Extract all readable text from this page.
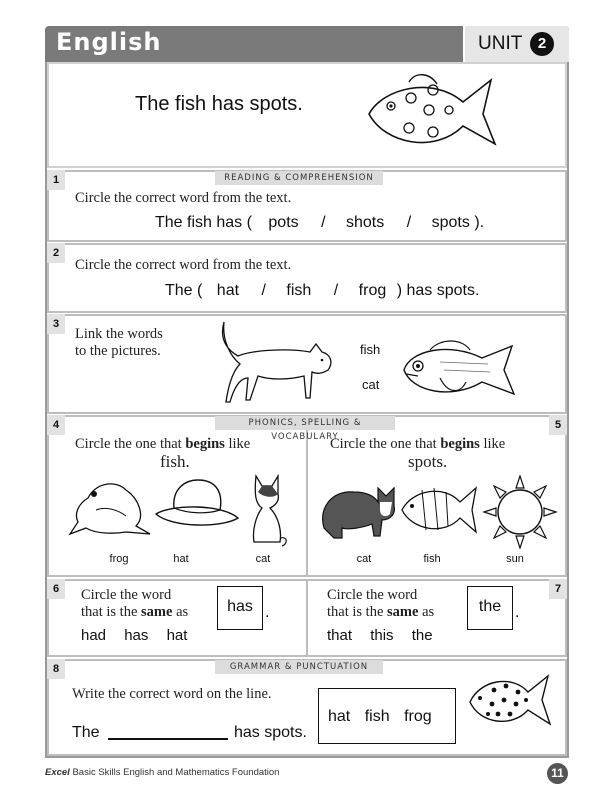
English	UNIT	2
The fish has spots.
1	READING & COMPREHENSION
Circle the correct word from the text.
The fish has ( pots / shots / spots ).
2
Circle the correct word from the text.
The ( hat / fish / frog ) has spots.
3
Link the words
to the pictures.	fish
cat
4	5
PHONICS, SPELLING & VOCABULARY
Circle the one that begins like
fish.
frog	hat	cat
Circle the one that begins like
spots.
cat	fish	sun
6	7
Circle the word
that is the same as	has .
had has hat
Circle the word
that is the same as	the .
that this the
8	GRAMMAR & PUNCTUATION
Write the correct word on the line.
The	has spots.
hat fish frog
Excel Basic Skills English and Mathematics Foundation	11
